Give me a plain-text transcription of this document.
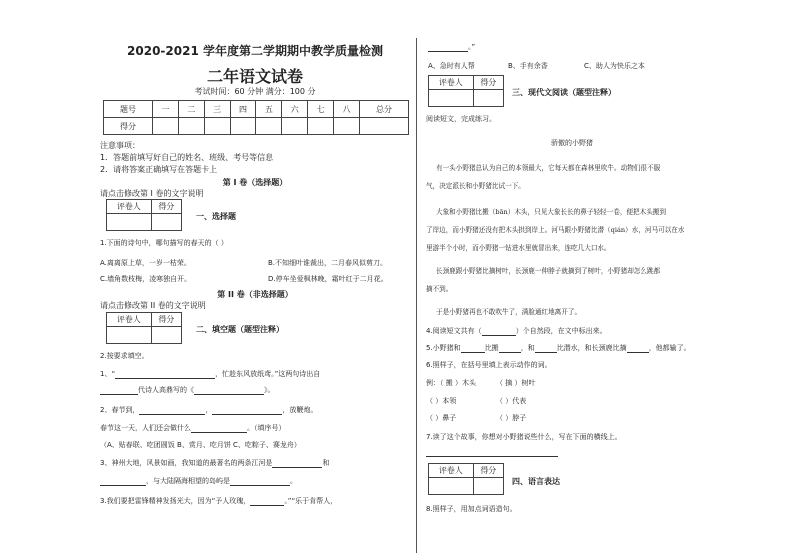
2020-2021 学年度第二学期期中教学质量检测
二年语文试卷
考试时间：60 分钟 满分：100 分
题号	一	二	三	四	五	六	七	八	总分
得分									
注意事项：
1．答题前填写好自己的姓名、班级、考号等信息
2．请将答案正确填写在答题卡上
第 I 卷（选择题）
请点击修改第 I 卷的文字说明
评卷人	得分

一、选择题
1.下面的诗句中，哪句描写的春天的（ ）
A.离离原上草，一岁一枯荣。	B.不知细叶谁裁出，二月春风似剪刀。
C.墙角数枝梅，凌寒独自开。	D.停车坐爱枫林晚，霜叶红于二月花。
第 II 卷（非选择题）
请点击修改第 II 卷的文字说明
评卷人	得分

二、填空题（题型注释）
2.按要求填空。
1、“	，忙趁东风放纸鸢。”这两句诗出自
代诗人高鼎写的《	》。
2、春节到，	，	，放鞭炮。
春节这一天，人们还会做什么	。（填序号）
（A、贴春联、吃团圆饭 B、赏月、吃月饼 C、吃粽子、赛龙舟）
3、神州大地，风景如画，我知道的最著名的两条江河是	和
，与大陆隔海相望的岛屿是	。
3.我们要把雷锋精神发扬光大，因为“予人玫瑰，	。”“乐于肯帮人，
。”
A、急时有人帮	B、手有余香	C、助人为快乐之本
评卷人	得分

三、现代文阅读（题型注释）
阅读短文，完成练习。
骄傲的小野猪
有一头小野猪总认为自己的本领最大，它每天都在森林里吹牛。动物们很不服
气，决定派长和小野猪比试一下。
大象和小野猪比搬（bān）木头，只见大象长长的鼻子轻轻一卷，便把木头搬到
了岸边，而小野猪还没有把木头拱到岸上。河马跟小野猪比潜（qián）水，河马可以在水
里游半个小时，而小野猪一钻进水里就冒出来，连吃几大口水。
长颈鹿跟小野猪比摘树叶，长颈鹿一伸脖子就摘到了树叶，小野猪却怎么跳都
摘不到。
于是小野猪再也不敢吹牛了，满脸通红地离开了。
4.阅读短文共有（	）个自然段，在文中标出来。
5.小野猪和	比搬	，和	比潜水，和长颈鹿比摘	，他都输了。
6.照样子，在括号里填上表示动作的词。
例：（ 搬 ）木头	（ 摘 ）树叶
（ ）本领	（ ）代表
（ ）鼻子	（ ）脖子
7.读了这个故事，你想对小野猪说些什么，写在下面的横线上。
评卷人	得分

四、语言表达
8.照样子，用加点词语造句。
